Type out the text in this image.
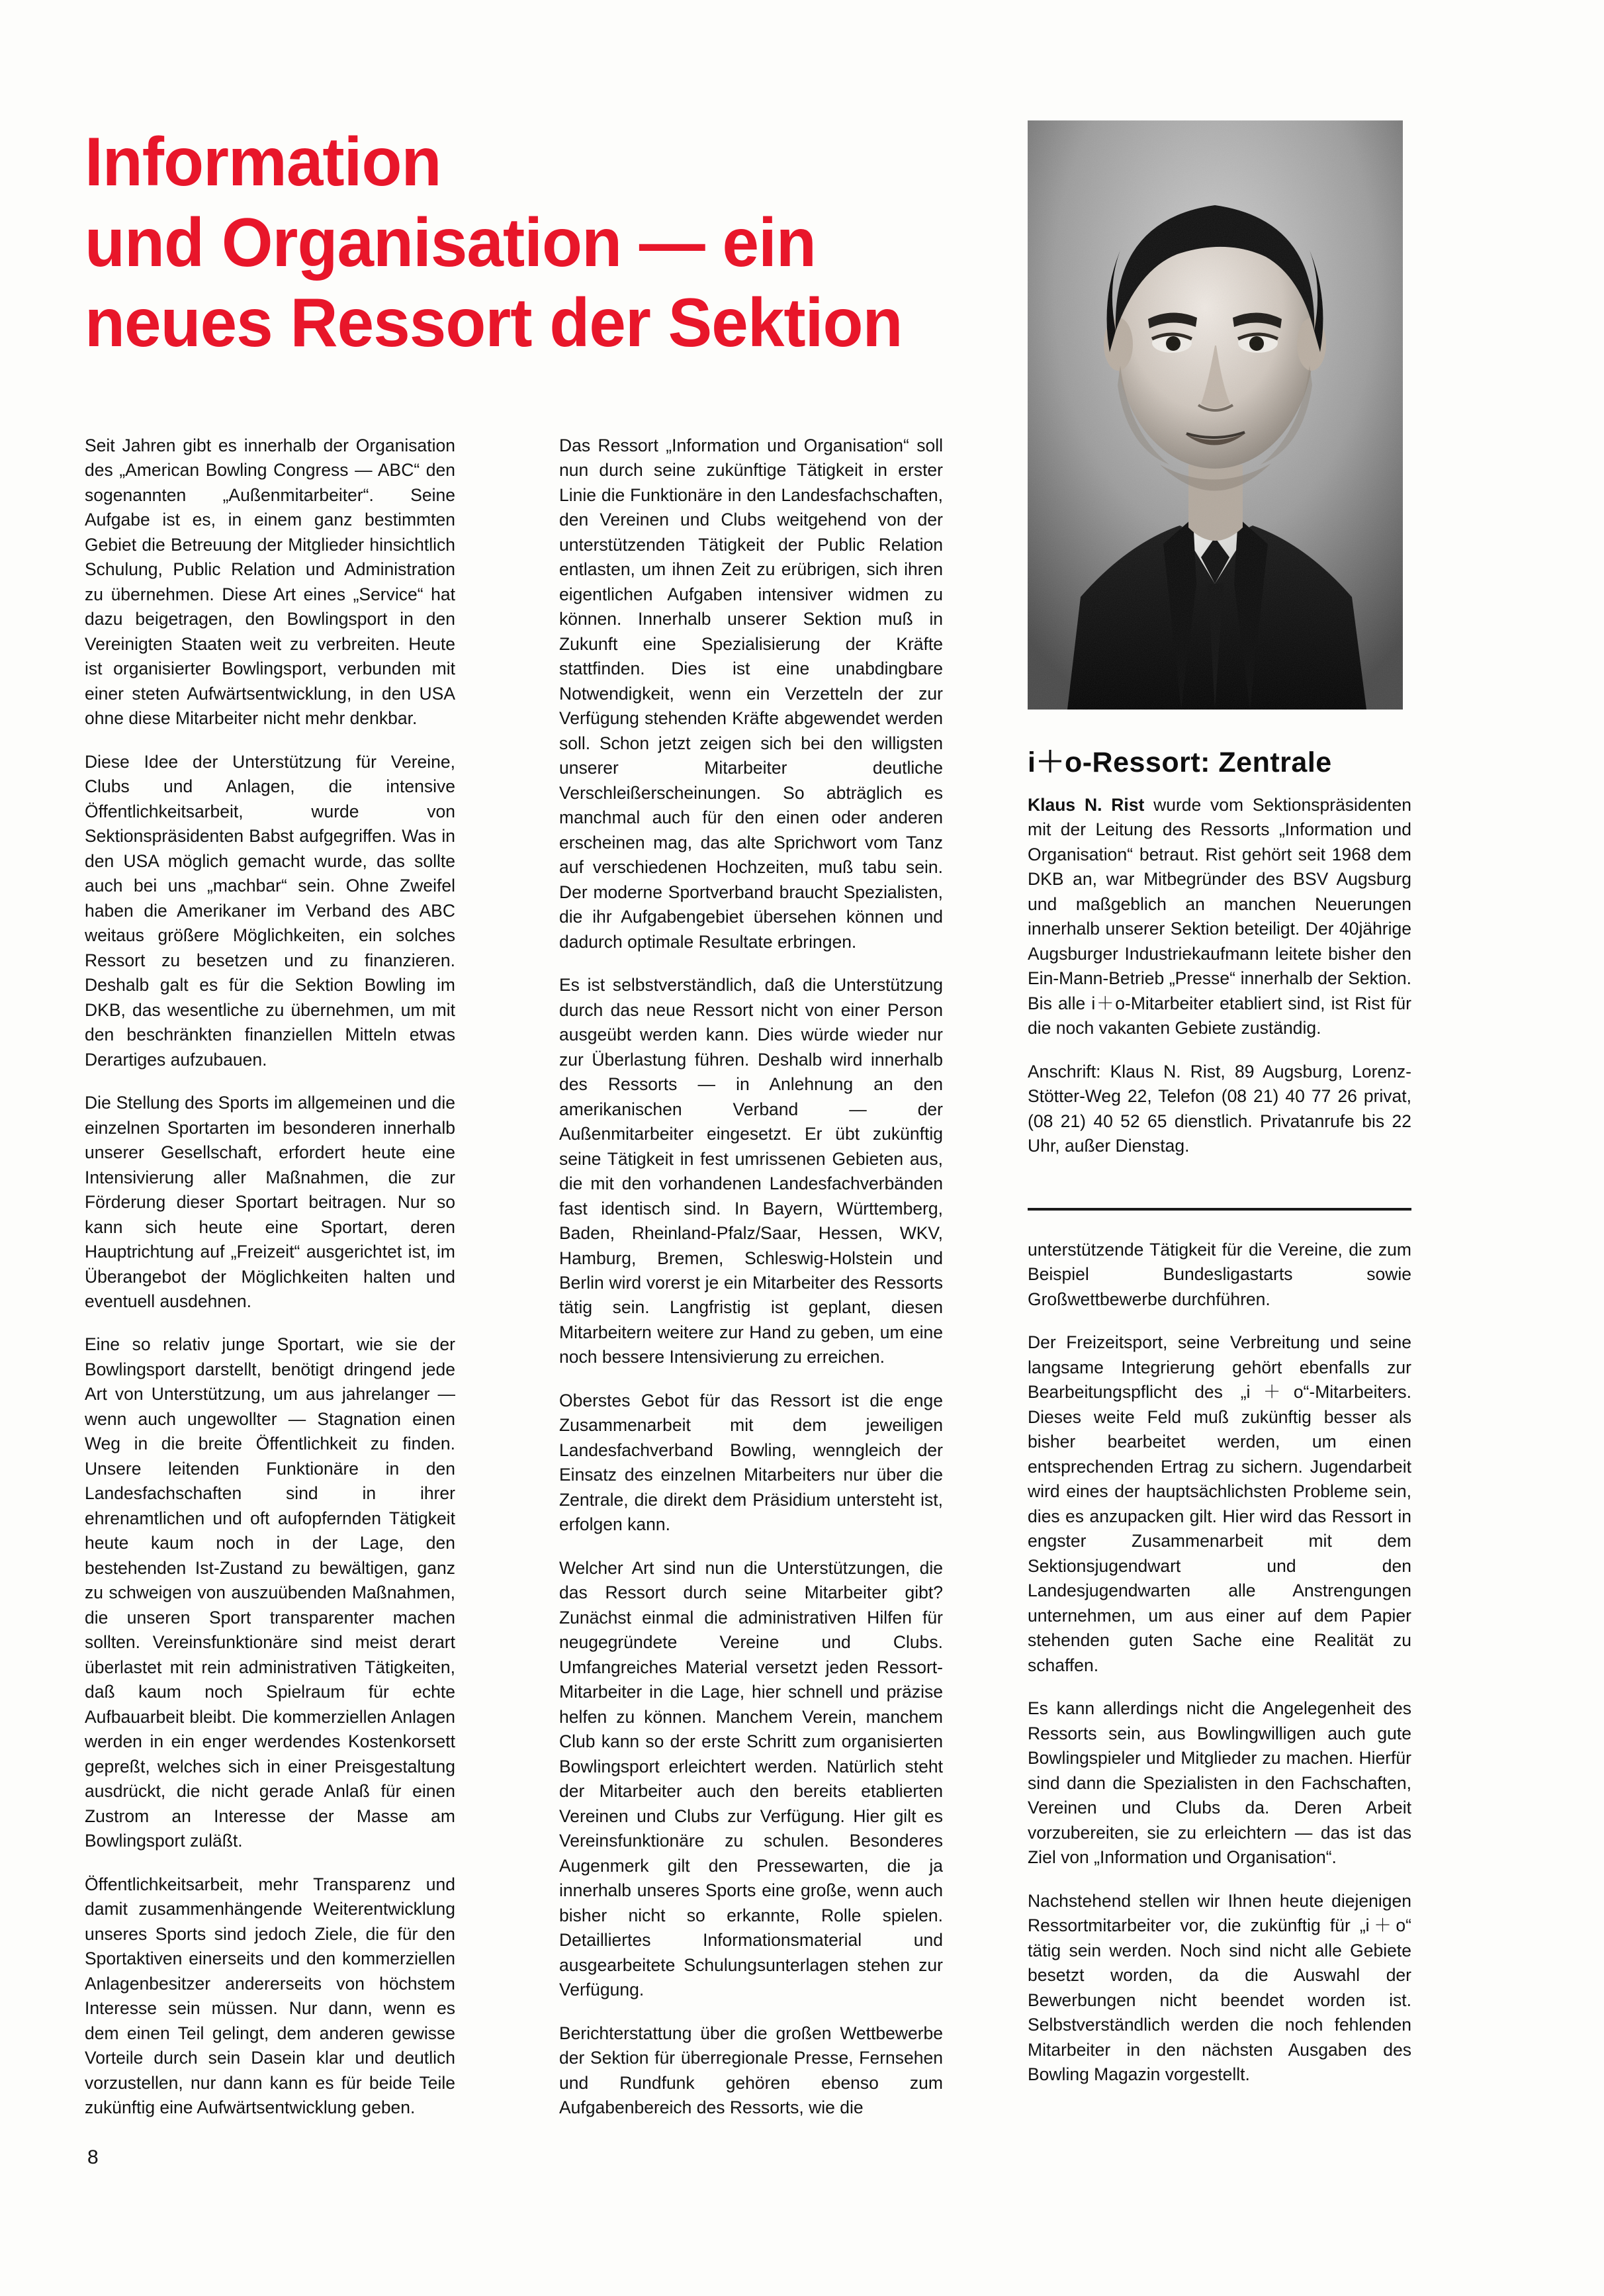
Information
und Organisation — ein
neues Ressort der Sektion
i＋o-Ressort: Zentrale

Seit Jahren gibt es innerhalb der Organisation des „American Bowling Congress — ABC“ den sogenannten „Außenmitarbeiter“. Seine Aufgabe ist es, in einem ganz bestimmten Gebiet die Betreuung der Mitglieder hinsichtlich Schulung, Public Relation und Administration zu übernehmen. Diese Art eines „Service“ hat dazu beigetragen, den Bowlingsport in den Vereinigten Staaten weit zu verbreiten. Heute ist organisierter Bowlingsport, verbunden mit einer steten Aufwärtsentwicklung, in den USA ohne diese Mitarbeiter nicht mehr denkbar.

Diese Idee der Unterstützung für Vereine, Clubs und Anlagen, die intensive Öffentlichkeitsarbeit, wurde von Sektionspräsidenten Babst aufgegriffen. Was in den USA möglich gemacht wurde, das sollte auch bei uns „machbar“ sein. Ohne Zweifel haben die Amerikaner im Verband des ABC weitaus größere Möglichkeiten, ein solches Ressort zu besetzen und zu finanzieren. Deshalb galt es für die Sektion Bowling im DKB, das wesentliche zu übernehmen, um mit den beschränkten finanziellen Mitteln etwas Derartiges aufzubauen.

Die Stellung des Sports im allgemeinen und die einzelnen Sportarten im besonderen innerhalb unserer Gesellschaft, erfordert heute eine Intensivierung aller Maßnahmen, die zur Förderung dieser Sportart beitragen. Nur so kann sich heute eine Sportart, deren Hauptrichtung auf „Freizeit“ ausgerichtet ist, im Überangebot der Möglichkeiten halten und eventuell ausdehnen.

Eine so relativ junge Sportart, wie sie der Bowlingsport darstellt, benötigt dringend jede Art von Unterstützung, um aus jahrelanger — wenn auch ungewollter — Stagnation einen Weg in die breite Öffentlichkeit zu finden. Unsere leitenden Funktionäre in den Landesfachschaften sind in ihrer ehrenamtlichen und oft aufopfernden Tätigkeit heute kaum noch in der Lage, den bestehenden Ist-Zustand zu bewältigen, ganz zu schweigen von auszuübenden Maßnahmen, die unseren Sport transparenter machen sollten. Vereinsfunktionäre sind meist derart überlastet mit rein administrativen Tätigkeiten, daß kaum noch Spielraum für echte Aufbauarbeit bleibt. Die kommerziellen Anlagen werden in ein enger werdendes Kostenkorsett gepreßt, welches sich in einer Preisgestaltung ausdrückt, die nicht gerade Anlaß für einen Zustrom an Interesse der Masse am Bowlingsport zuläßt.

Öffentlichkeitsarbeit, mehr Transparenz und damit zusammenhängende Weiterentwicklung unseres Sports sind jedoch Ziele, die für den Sportaktiven einerseits und den kommerziellen Anlagenbesitzer andererseits von höchstem Interesse sein müssen. Nur dann, wenn es dem einen Teil gelingt, dem anderen gewisse Vorteile durch sein Dasein klar und deutlich vorzustellen, nur dann kann es für beide Teile zukünftig eine Aufwärtsentwicklung geben.

Das Ressort „Information und Organisation“ soll nun durch seine zukünftige Tätigkeit in erster Linie die Funktionäre in den Landesfachschaften, den Vereinen und Clubs weitgehend von der unterstützenden Tätigkeit der Public Relation entlasten, um ihnen Zeit zu erübrigen, sich ihren eigentlichen Aufgaben intensiver widmen zu können. Innerhalb unserer Sektion muß in Zukunft eine Spezialisierung der Kräfte stattfinden. Dies ist eine unabdingbare Notwendigkeit, wenn ein Verzetteln der zur Verfügung stehenden Kräfte abgewendet werden soll. Schon jetzt zeigen sich bei den willigsten unserer Mitarbeiter deutliche Verschleißerscheinungen. So abträglich es manchmal auch für den einen oder anderen erscheinen mag, das alte Sprichwort vom Tanz auf verschiedenen Hochzeiten, muß tabu sein. Der moderne Sportverband braucht Spezialisten, die ihr Aufgabengebiet übersehen können und dadurch optimale Resultate erbringen.

Es ist selbstverständlich, daß die Unterstützung durch das neue Ressort nicht von einer Person ausgeübt werden kann. Dies würde wieder nur zur Überlastung führen. Deshalb wird innerhalb des Ressorts — in Anlehnung an den amerikanischen Verband — der Außenmitarbeiter eingesetzt. Er übt zukünftig seine Tätigkeit in fest umrissenen Gebieten aus, die mit den vorhandenen Landesfachverbänden fast identisch sind. In Bayern, Württemberg, Baden, Rheinland-Pfalz/Saar, Hessen, WKV, Hamburg, Bremen, Schleswig-Holstein und Berlin wird vorerst je ein Mitarbeiter des Ressorts tätig sein. Langfristig ist geplant, diesen Mitarbeitern weitere zur Hand zu geben, um eine noch bessere Intensivierung zu erreichen.

Oberstes Gebot für das Ressort ist die enge Zusammenarbeit mit dem jeweiligen Landesfachverband Bowling, wenngleich der Einsatz des einzelnen Mitarbeiters nur über die Zentrale, die direkt dem Präsidium untersteht ist, erfolgen kann.

Welcher Art sind nun die Unterstützungen, die das Ressort durch seine Mitarbeiter gibt? Zunächst einmal die administrativen Hilfen für neugegründete Vereine und Clubs. Umfangreiches Material versetzt jeden Ressort-Mitarbeiter in die Lage, hier schnell und präzise helfen zu können. Manchem Verein, manchem Club kann so der erste Schritt zum organisierten Bowlingsport erleichtert werden. Natürlich steht der Mitarbeiter auch den bereits etablierten Vereinen und Clubs zur Verfügung. Hier gilt es Vereinsfunktionäre zu schulen. Besonderes Augenmerk gilt den Pressewarten, die ja innerhalb unseres Sports eine große, wenn auch bisher nicht so erkannte, Rolle spielen. Detailliertes Informationsmaterial und ausgearbeitete Schulungsunterlagen stehen zur Verfügung.

Berichterstattung über die großen Wettbewerbe der Sektion für überregionale Presse, Fernsehen und Rundfunk gehören ebenso zum Aufgabenbereich des Ressorts, wie die

Klaus N. Rist wurde vom Sektionspräsidenten mit der Leitung des Ressorts „Information und Organisation“ betraut. Rist gehört seit 1968 dem DKB an, war Mitbegründer des BSV Augsburg und maßgeblich an manchen Neuerungen innerhalb unserer Sektion beteiligt. Der 40jährige Augsburger Industriekaufmann leitete bisher den Ein-Mann-Betrieb „Presse“ innerhalb der Sektion. Bis alle i＋o-Mitarbeiter etabliert sind, ist Rist für die noch vakanten Gebiete zuständig.

Anschrift: Klaus N. Rist, 89 Augsburg, Lorenz-Stötter-Weg 22, Telefon (08 21) 40 77 26 privat, (08 21) 40 52 65 dienstlich. Privatanrufe bis 22 Uhr, außer Dienstag.

unterstützende Tätigkeit für die Vereine, die zum Beispiel Bundesligastarts sowie Großwettbewerbe durchführen.

Der Freizeitsport, seine Verbreitung und seine langsame Integrierung gehört ebenfalls zur Bearbeitungspflicht des „i＋o“-Mitarbeiters. Dieses weite Feld muß zukünftig besser als bisher bearbeitet werden, um einen entsprechenden Ertrag zu sichern. Jugendarbeit wird eines der hauptsächlichsten Probleme sein, dies es anzupacken gilt. Hier wird das Ressort in engster Zusammenarbeit mit dem Sektionsjugendwart und den Landesjugendwarten alle Anstrengungen unternehmen, um aus einer auf dem Papier stehenden guten Sache eine Realität zu schaffen.

Es kann allerdings nicht die Angelegenheit des Ressorts sein, aus Bowlingwilligen auch gute Bowlingspieler und Mitglieder zu machen. Hierfür sind dann die Spezialisten in den Fachschaften, Vereinen und Clubs da. Deren Arbeit vorzubereiten, sie zu erleichtern — das ist das Ziel von „Information und Organisation“.

Nachstehend stellen wir Ihnen heute diejenigen Ressortmitarbeiter vor, die zukünftig für „i＋o“ tätig sein werden. Noch sind nicht alle Gebiete besetzt worden, da die Auswahl der Bewerbungen nicht beendet worden ist. Selbstverständlich werden die noch fehlenden Mitarbeiter in den nächsten Ausgaben des Bowling Magazin vorgestellt.

8
